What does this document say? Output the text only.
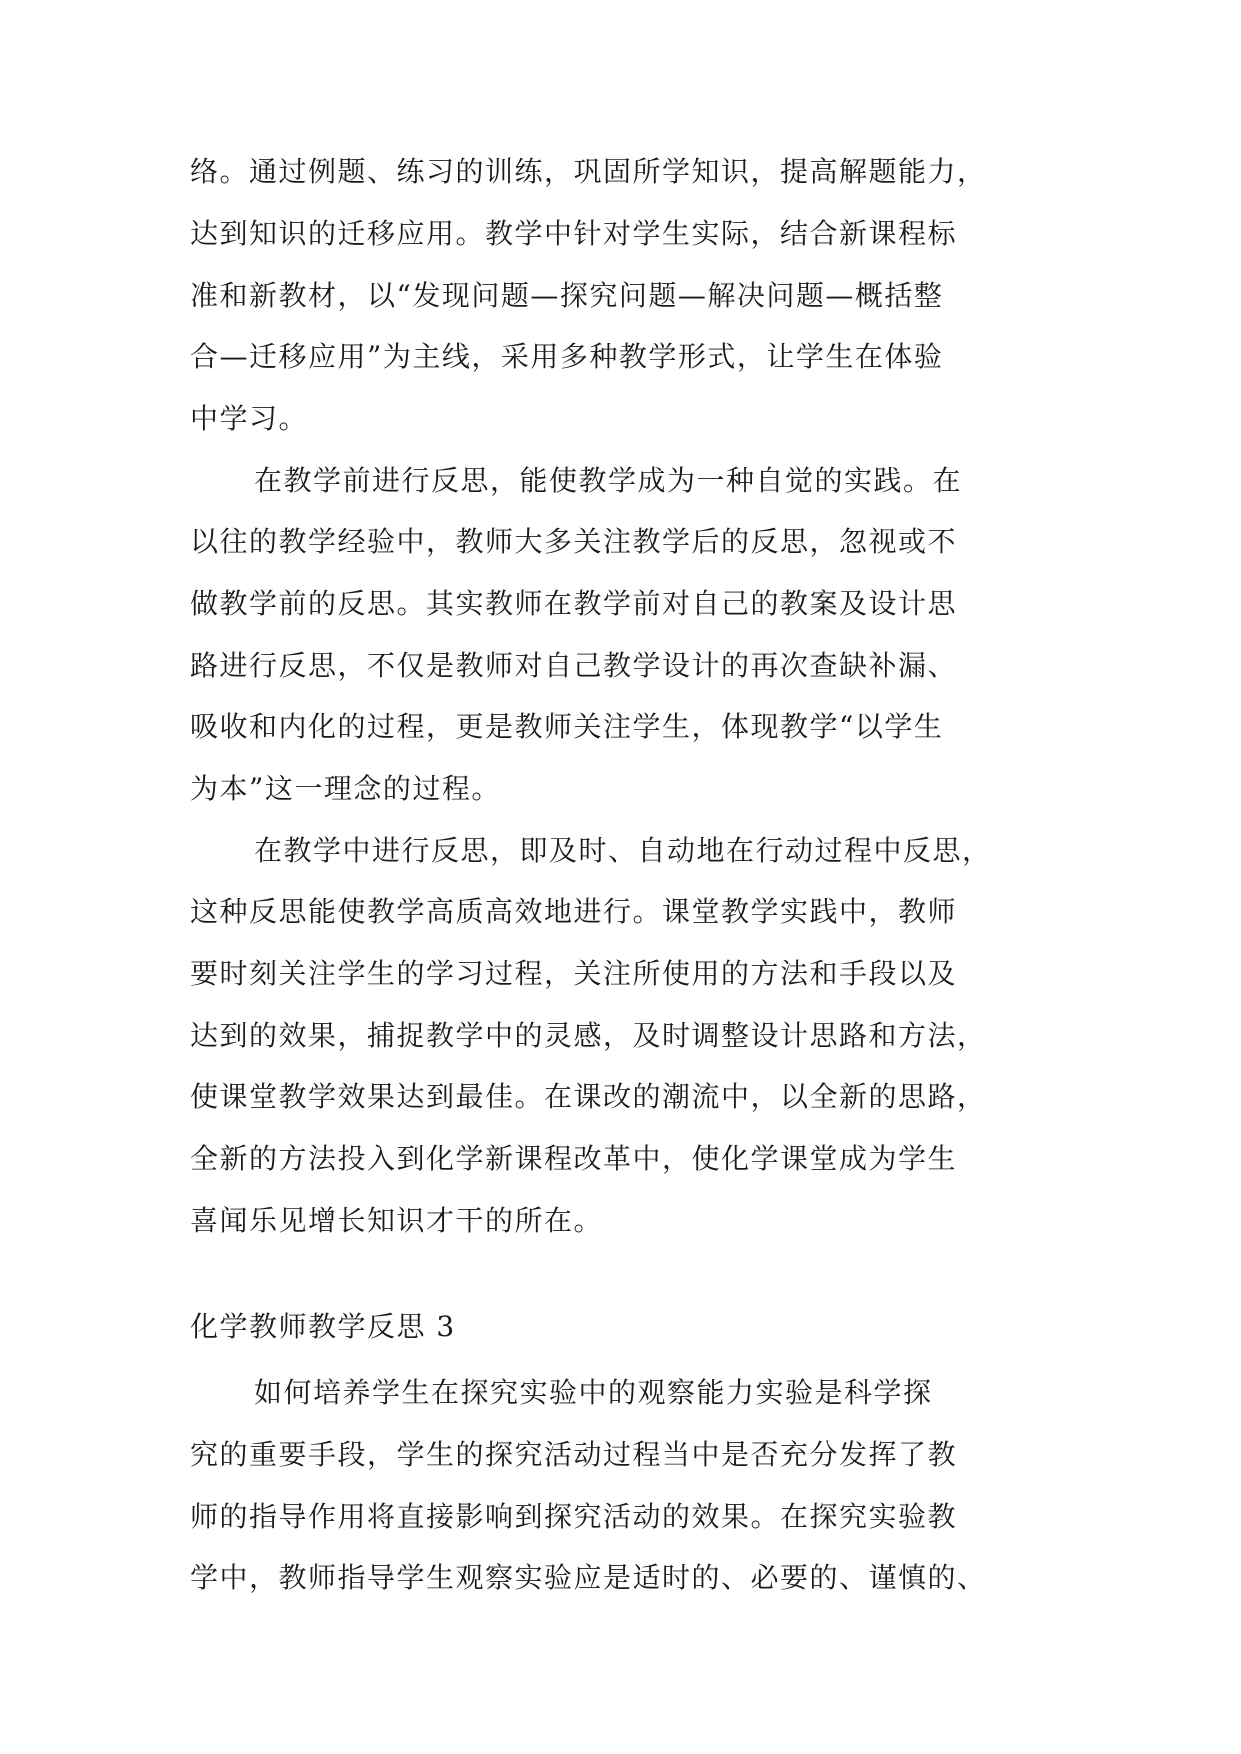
络。通过例题、练习的训练，巩固所学知识，提高解题能力，
达到知识的迁移应用。教学中针对学生实际，结合新课程标
准和新教材，以“发现问题—探究问题—解决问题—概括整
合—迁移应用”为主线，采用多种教学形式，让学生在体验
中学习。
在教学前进行反思，能使教学成为一种自觉的实践。在
以往的教学经验中，教师大多关注教学后的反思，忽视或不
做教学前的反思。其实教师在教学前对自己的教案及设计思
路进行反思，不仅是教师对自己教学设计的再次查缺补漏、
吸收和内化的过程，更是教师关注学生，体现教学“以学生
为本”这一理念的过程。
在教学中进行反思，即及时、自动地在行动过程中反思，
这种反思能使教学高质高效地进行。课堂教学实践中，教师
要时刻关注学生的学习过程，关注所使用的方法和手段以及
达到的效果，捕捉教学中的灵感，及时调整设计思路和方法，
使课堂教学效果达到最佳。在课改的潮流中，以全新的思路，
全新的方法投入到化学新课程改革中，使化学课堂成为学生
喜闻乐见增长知识才干的所在。
化学教师教学反思 3
如何培养学生在探究实验中的观察能力实验是科学探
究的重要手段，学生的探究活动过程当中是否充分发挥了教
师的指导作用将直接影响到探究活动的效果。在探究实验教
学中，教师指导学生观察实验应是适时的、必要的、谨慎的、
